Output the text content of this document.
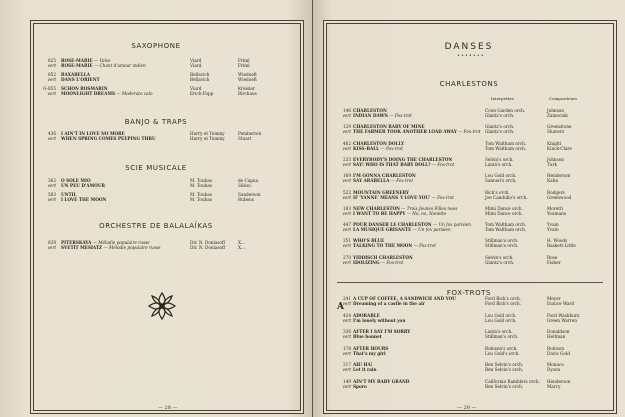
SAXOPHONE
825
vert
ROSE-MARIE — Valse
ROSE-MARIE — Chant d'amour indien
Viard
Viard
Friml
Friml
852
vert
BAXABELLA
DANS L'ORIENT
Bellavich
Bellavich
Wiedoeft
Wiedoeft
G-855
vert
SCHON ROSMARIN
MOONLIGHT DREAMS — Moderato calo
Viard
Erich-Fopp
Kreisler
Birchaus
BANJO & TRAPS
436
vert
I AIN'T IN LOVE NO MORE
WHEN SPRING COMES PEEPING THRU
Harry et Tommy
Harry et Tommy
Pemberton
Stuart
SCIE MUSICALE
362
vert
O SOLE MIO
UN PEU D'AMOUR
M. Toubas
M. Toubas
de Capua
Silésu
503
vert
UNTIL
I LOVE THE MOON
M. Toubas
M. Toubas
Sanderson
Rubens
ORCHESTRE DE BALALAÏKAS
829
vert
PITERSKAYA — Mélodie populaire russe
SVETIT MESIATZ — Mélodie populaire russe
Dir. N. Doniasoff
Dir. N. Doniasoff
X...
X...
— 28 —
DANSES
•••••••
CHARLESTONS
Interprètes	Compositeurs
146
vert
CHARLESTON
INDIAN DAWN — Fox-trot
Coon Garden orch.
Glantz's orch.
Johnson
Zamecnik
129
vert
CHARLESTON BABY OF MINE
THE FARMER TOOK ANOTHER LOAD AWAY — Fox-trot
Glantz's orch.
Glantz's orch.
Greenstone
Shavers
462
vert
CHARLESTON DOLLY
KISS-BALL — Fox-trot
Tom Waltham orch.
Tom Waltham orch.
Knight
Kinck-Clare
233
vert
EVERYBODY'S DOING THE CHARLESTON
SAY! WHO IS THAT BABY DOLL? — Fox-trot
Selvin's orch.
Lanin's orch.
Johnson
Turk
169
vert
I'M GONNA CHARLESTON
SAY ARABELLA — Fox-trot
Lou Gold orch.
Samuel's orch.
Henderson
Kahn
522
vert
MOUNTAIN GREENERY
IF 'YANNE' MEANS 'I LOVE YOU' — Fox-trot
Bick's orch.
Joe Candullo's orch.
Rodgers
Greenwood
183
vert
NEW CHARLESTON — Trois Jeunes Filles nues
I WANT TO BE HAPPY — No, no, Nanette
Mimi Dance orch.
Mimi Dance orch.
Moretti
Youmans
447
vert
POUR DANSER LE CHARLESTON — Un fox parisien
LA MUSIQUE GRISANTE — Un fox parisien
Tom Waltham orch.
Tom Waltham orch.
Yvain
Yvain
351
vert
WHO'S BLUE
TALKING TO THE MOON — Fox-trot
Stillman's orch.
Stillman's orch.
H. Woods
Baskett-Little
270
vert
YIDDISCH CHARLESTON
IDOLIZING — Fox-trot
Selvin's orch.
Glantz's orch.
Rose
Fisher
FOX-TROTS
A
241
vert
A CUP OF COFFEE, A SANDWICH AND YOU
Dreaming of a castle in the air
Ford Bick's orch.
Ford Bick's orch.
Meyer
Eunice Ward
424
vert
ADORABLE
I'm lonely without you
Lou Gold orch.
Lou Gold orch.
Ford Washburn
Green Warren
336
vert
AFTER I SAY I'M SORRY
Blue bonnet
Lanin's orch.
Stillman's orch.
Donaldson
Heltman
178
vert
AFTER HOURS
That's my girl
Robison's orch.
Lou Gold's orch.
Robison
Davis Gold
217
vert
AH! HA!
Let it rain
Ben Selvin's orch.
Ben Selvin's orch.
Monaco
Dyson
149
vert
AIN'T MY BABY GRAND
Sporo
California Ramblers orch.
Ben Selvin's orch.
Henderson
Marcy
— 29 —
